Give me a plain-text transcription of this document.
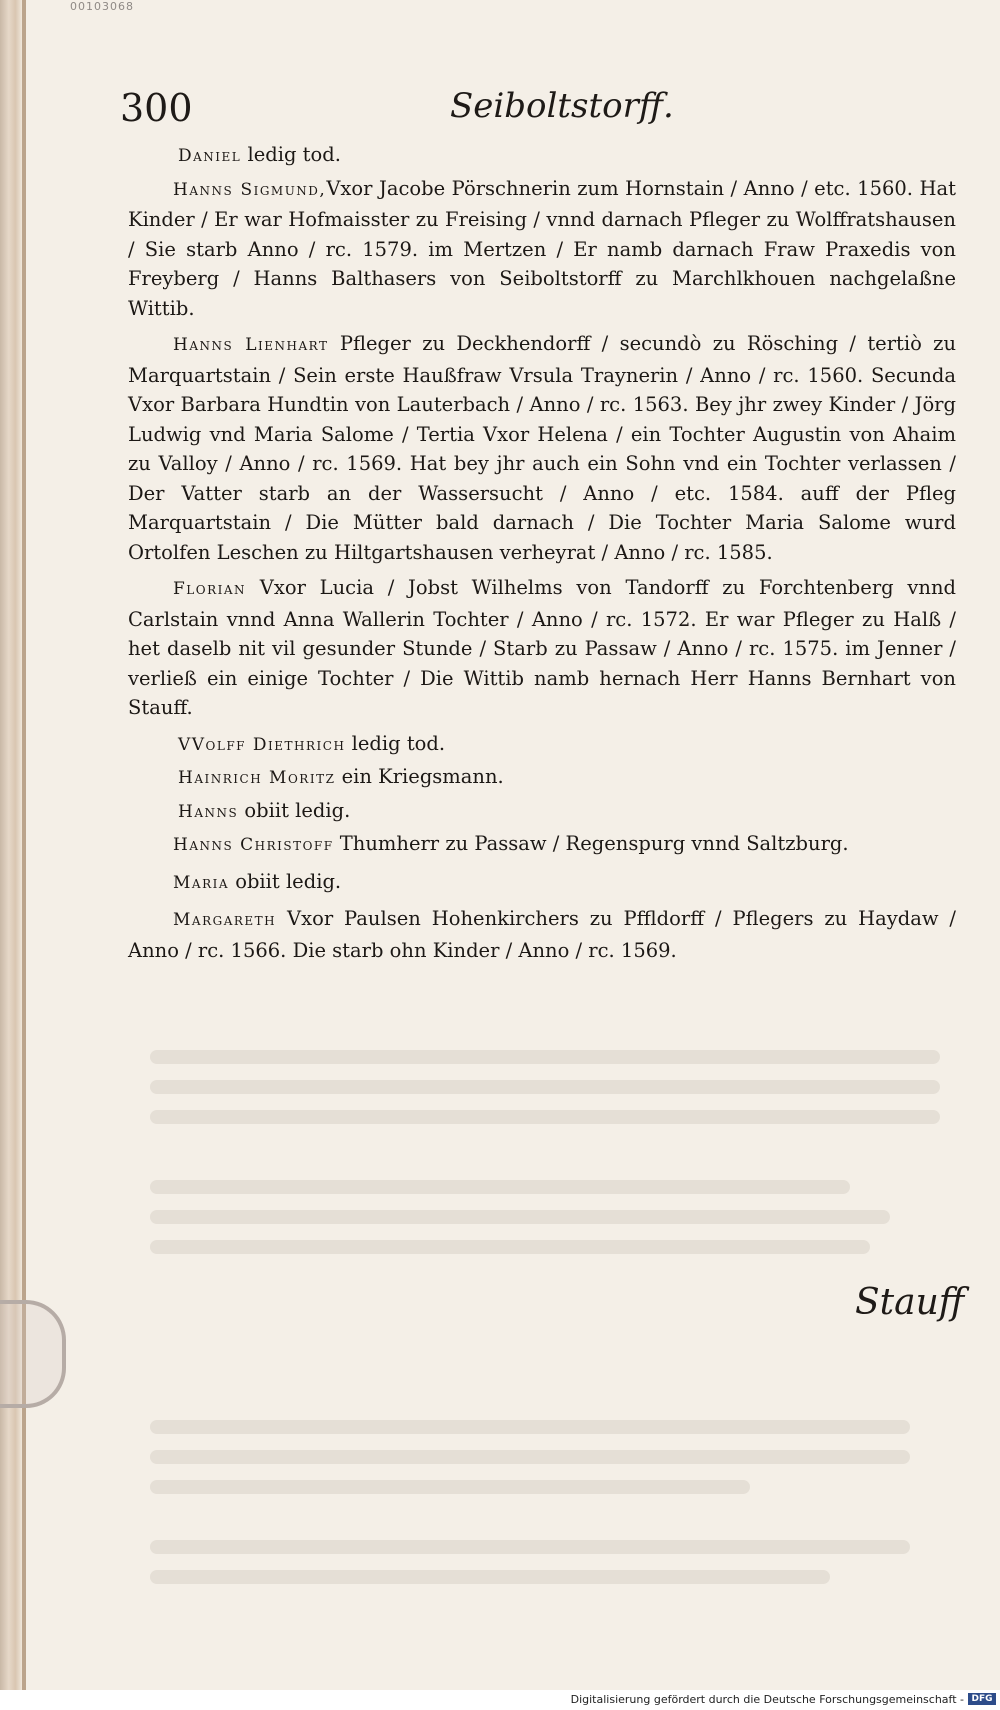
00103068
300	Seiboltstorff.

Daniel ledig tod.

Hanns Sigmund,Vxor Jacobe Pörschnerin zum Hornstain / Anno / etc. 1560. Hat Kinder / Er war Hofmaisster zu Freising / vnnd darnach Pfleger zu Wolffratshausen / Sie starb Anno / rc. 1579. im Mertzen / Er namb darnach Fraw Praxedis von Freyberg / Hanns Balthasers von Seiboltstorff zu Marchlkhouen nachgelaßne Wittib.

Hanns Lienhart Pfleger zu Deckhendorff / secundò zu Rösching / tertiò zu Marquartstain / Sein erste Haußfraw Vrsula Traynerin / Anno / rc. 1560. Secunda Vxor Barbara Hundtin von Lauterbach / Anno / rc. 1563. Bey jhr zwey Kinder / Jörg Ludwig vnd Maria Salome / Tertia Vxor Helena / ein Tochter Augustin von Ahaim zu Valloy / Anno / rc. 1569. Hat bey jhr auch ein Sohn vnd ein Tochter verlassen / Der Vatter starb an der Wassersucht / Anno / etc. 1584. auff der Pfleg Marquartstain / Die Mütter bald darnach / Die Tochter Maria Salome wurd Ortolfen Leschen zu Hiltgartshausen verheyrat / Anno / rc. 1585.

Florian Vxor Lucia / Jobst Wilhelms von Tandorff zu Forchtenberg vnnd Carlstain vnnd Anna Wallerin Tochter / Anno / rc. 1572. Er war Pfleger zu Halß / het daselb nit vil gesunder Stunde / Starb zu Passaw / Anno / rc. 1575. im Jenner / verließ ein einige Tochter / Die Wittib namb hernach Herr Hanns Bernhart von Stauff.

VVolff Diethrich ledig tod.

Hainrich Moritz ein Kriegsmann.

Hanns obiit ledig.

Hanns Christoff Thumherr zu Passaw / Regenspurg vnnd Saltzburg.

Maria obiit ledig.

Margareth Vxor Paulsen Hohenkirchers zu Pffldorff / Pflegers zu Haydaw / Anno / rc. 1566. Die starb ohn Kinder / Anno / rc. 1569.

Stauff
Digitalisierung gefördert durch die Deutsche Forschungsgemeinschaft - DFG
